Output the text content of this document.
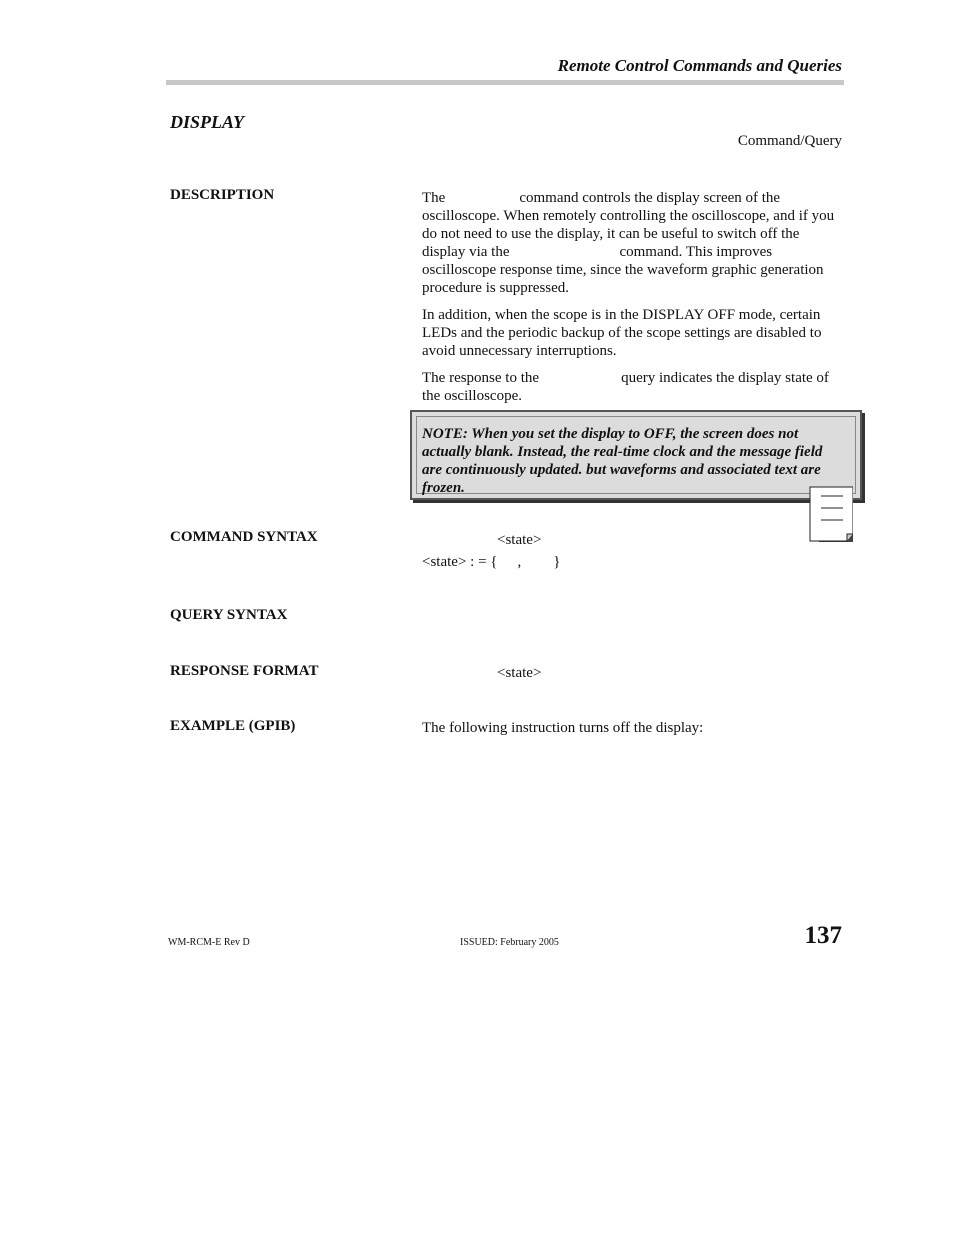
Remote Control Commands and Queries
DISPLAY
Command/Query
DESCRIPTION	The	command controls the display screen of the oscilloscope. When remotely controlling the oscilloscope, and if you do not need to use the display, it can be useful to switch off the display via the	command. This improves oscilloscope response time, since the waveform graphic generation procedure is suppressed.

In addition, when the scope is in the DISPLAY OFF mode, certain LEDs and the periodic backup of the scope settings are disabled to avoid unnecessary interruptions.

The response to the	query indicates the display state of the oscilloscope.

NOTE: When you set the display to OFF, the screen does not actually blank. Instead, the real-time clock and the message field are continuously updated. but waveforms and associated text are frozen.
COMMAND SYNTAX	<state>
<state> : = { , }
QUERY SYNTAX
RESPONSE FORMAT	<state>
EXAMPLE (GPIB)	The following instruction turns off the display:
WM-RCM-E Rev D	ISSUED: February 2005	137
